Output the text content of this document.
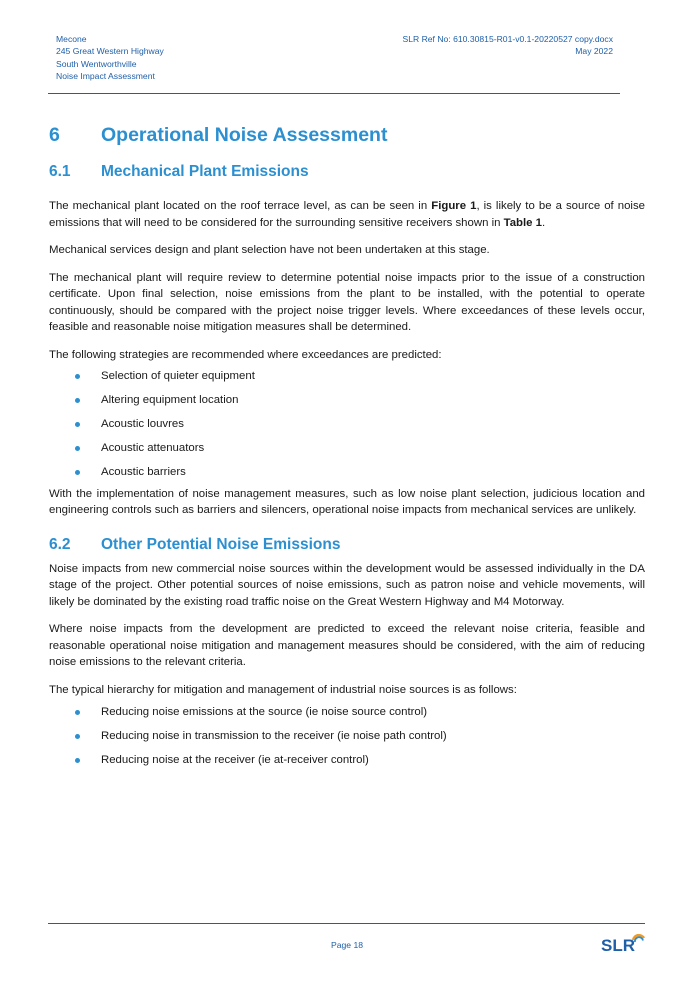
Mecone
245 Great Western Highway
South Wentworthville
Noise Impact Assessment
SLR Ref No: 610.30815-R01-v0.1-20220527 copy.docx
May 2022
6	Operational Noise Assessment
6.1	Mechanical Plant Emissions

The mechanical plant located on the roof terrace level, as can be seen in Figure 1, is likely to be a source of noise emissions that will need to be considered for the surrounding sensitive receivers shown in Table 1.

Mechanical services design and plant selection have not been undertaken at this stage.

The mechanical plant will require review to determine potential noise impacts prior to the issue of a construction certificate. Upon final selection, noise emissions from the plant to be installed, with the potential to operate continuously, should be compared with the project noise trigger levels. Where exceedances of these levels occur, feasible and reasonable noise mitigation measures shall be determined.

The following strategies are recommended where exceedances are predicted:

Selection of quieter equipment
Altering equipment location
Acoustic louvres
Acoustic attenuators
Acoustic barriers

With the implementation of noise management measures, such as low noise plant selection, judicious location and engineering controls such as barriers and silencers, operational noise impacts from mechanical services are unlikely.

6.2	Other Potential Noise Emissions

Noise impacts from new commercial noise sources within the development would be assessed individually in the DA stage of the project. Other potential sources of noise emissions, such as patron noise and vehicle movements, will likely be dominated by the existing road traffic noise on the Great Western Highway and M4 Motorway.

Where noise impacts from the development are predicted to exceed the relevant noise criteria, feasible and reasonable operational noise mitigation and management measures should be considered, with the aim of reducing noise emissions to the relevant criteria.

The typical hierarchy for mitigation and management of industrial noise sources is as follows:

Reducing noise emissions at the source (ie noise source control)
Reducing noise in transmission to the receiver (ie noise path control)
Reducing noise at the receiver (ie at-receiver control)
Page 18	SLR
